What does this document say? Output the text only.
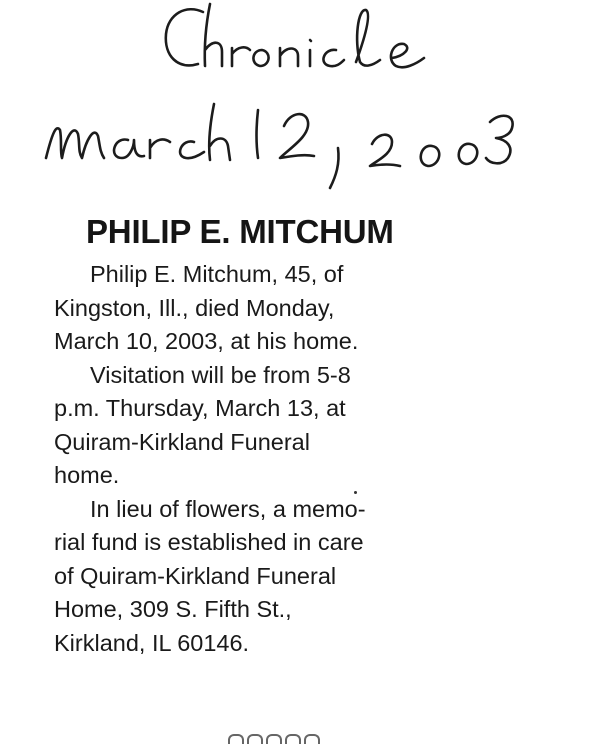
PHILIP E. MITCHUM
Philip E. Mitchum, 45, of
Kingston, Ill., died Monday,
March 10, 2003, at his home.
Visitation will be from 5-8
p.m. Thursday, March 13, at
Quiram-Kirkland Funeral
home.
In lieu of flowers, a memo-
rial fund is established in care
of Quiram-Kirkland Funeral
Home, 309 S. Fifth St.,
Kirkland, IL 60146.
